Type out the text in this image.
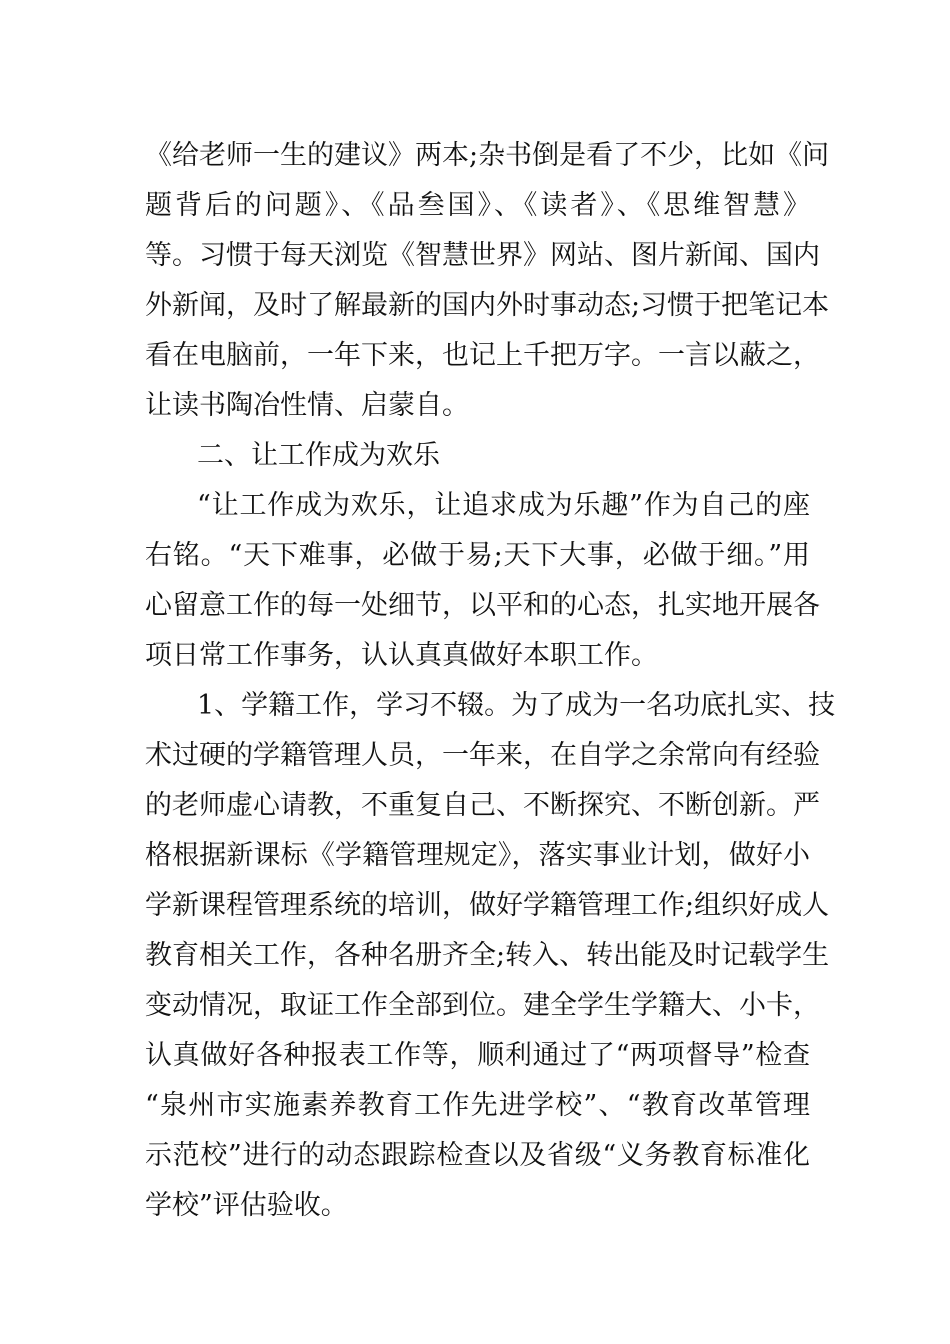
《给老师一生的建议》两本;杂书倒是看了不少，比如《问
题背后的问题》、《品叁国》、《读者》、《思维智慧》
等。习惯于每天浏览《智慧世界》网站、图片新闻、国内
外新闻，及时了解最新的国内外时事动态;习惯于把笔记本
看在电脑前，一年下来，也记上千把万字。一言以蔽之，
让读书陶冶性情、启蒙自。
二、让工作成为欢乐
“让工作成为欢乐，让追求成为乐趣”作为自己的座
右铭。“天下难事，必做于易;天下大事，必做于细。”用
心留意工作的每一处细节，以平和的心态，扎实地开展各
项日常工作事务，认认真真做好本职工作。
1、学籍工作，学习不辍。为了成为一名功底扎实、技
术过硬的学籍管理人员，一年来，在自学之余常向有经验
的老师虚心请教，不重复自己、不断探究、不断创新。严
格根据新课标《学籍管理规定》，落实事业计划，做好小
学新课程管理系统的培训，做好学籍管理工作;组织好成人
教育相关工作，各种名册齐全;转入、转出能及时记载学生
变动情况，取证工作全部到位。建全学生学籍大、小卡，
认真做好各种报表工作等，顺利通过了“两项督导”检查
“泉州市实施素养教育工作先进学校”、“教育改革管理
示范校”进行的动态跟踪检查以及省级“义务教育标准化
学校”评估验收。
